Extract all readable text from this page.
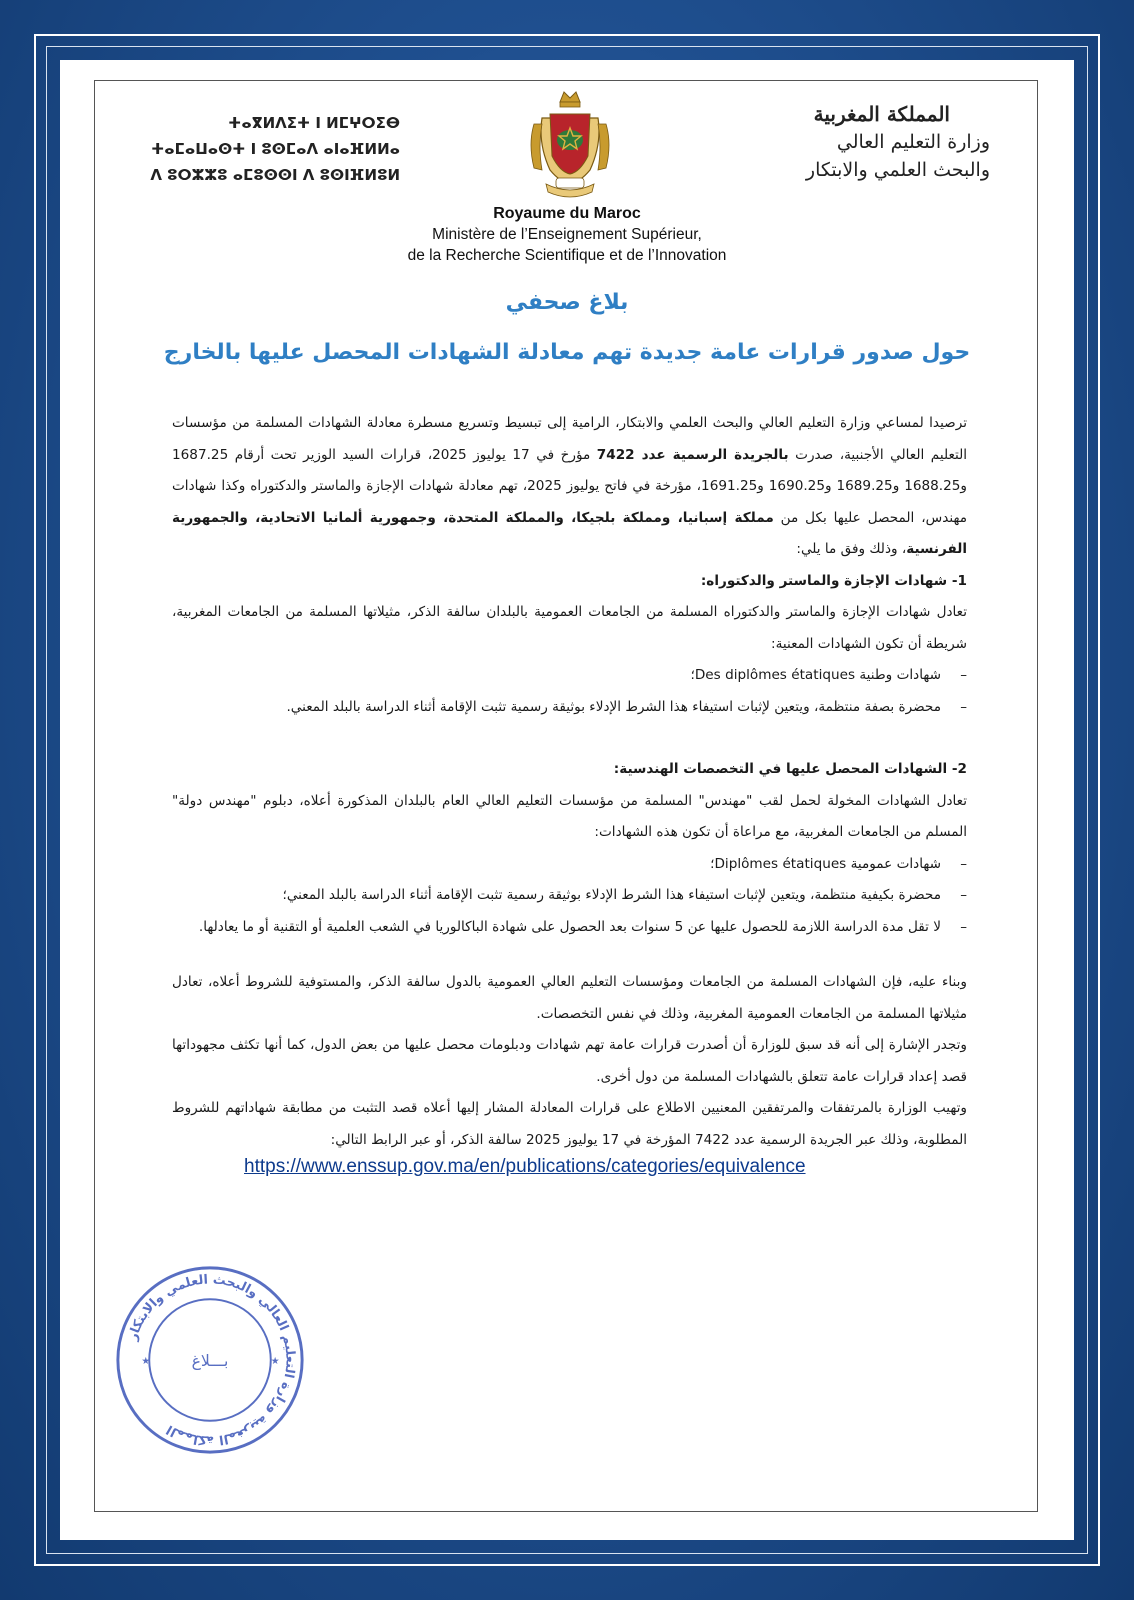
ⵜⴰⴳⵍⴷⵉⵜ ⵏ ⵍⵎⵖⵔⵉⴱ
ⵜⴰⵎⴰⵡⴰⵙⵜ ⵏ ⵓⵙⵎⴰⴷ ⴰⵏⴰⴼⵍⵍⴰ
ⴷ ⵓⵔⵣⵣⵓ ⴰⵎⵓⵙⵙⵏ ⴷ ⵓⵙⵏⴼⵍⵓⵍ
المملكة المغربية
وزارة التعليم العالي
والبحث العلمي والابتكار
Royaume du Maroc
Ministère de l’Enseignement Supérieur,
de la Recherche Scientifique et de l’Innovation
بلاغ صحفي
حول صدور قرارات عامة جديدة تهم معادلة الشهادات المحصل عليها بالخارج

ترصيدا لمساعي وزارة التعليم العالي والبحث العلمي والابتكار، الرامية إلى تبسيط وتسريع مسطرة معادلة الشهادات المسلمة من مؤسسات التعليم العالي الأجنبية، صدرت بالجريدة الرسمية عدد 7422 مؤرخ في 17 يوليوز 2025، قرارات السيد الوزير تحت أرقام 1687.25 و1688.25 و1689.25 و1690.25 و1691.25، مؤرخة في فاتح يوليوز 2025، تهم معادلة شهادات الإجازة والماستر والدكتوراه وكذا شهادات مهندس، المحصل عليها بكل من مملكة إسبانيا، ومملكة بلجيكا، والمملكة المتحدة، وجمهورية ألمانيا الاتحادية، والجمهورية الفرنسية، وذلك وفق ما يلي:

1- شهادات الإجازة والماستر والدكتوراه:

تعادل شهادات الإجازة والماستر والدكتوراه المسلمة من الجامعات العمومية بالبلدان سالفة الذكر، مثيلاتها المسلمة من الجامعات المغربية، شريطة أن تكون الشهادات المعنية:

–
شهادات وطنية Des diplômes étatiques؛

–
محضرة بصفة منتظمة، ويتعين لإثبات استيفاء هذا الشرط الإدلاء بوثيقة رسمية تثبت الإقامة أثناء الدراسة بالبلد المعني.

2- الشهادات المحصل عليها في التخصصات الهندسية:

تعادل الشهادات المخولة لحمل لقب "مهندس" المسلمة من مؤسسات التعليم العالي العام بالبلدان المذكورة أعلاه، دبلوم "مهندس دولة" المسلم من الجامعات المغربية، مع مراعاة أن تكون هذه الشهادات:

–
شهادات عمومية Diplômes étatiques؛

–
محضرة بكيفية منتظمة، ويتعين لإثبات استيفاء هذا الشرط الإدلاء بوثيقة رسمية تثبت الإقامة أثناء الدراسة بالبلد المعني؛

–
لا تقل مدة الدراسة اللازمة للحصول عليها عن 5 سنوات بعد الحصول على شهادة الباكالوريا في الشعب العلمية أو التقنية أو ما يعادلها.

وبناء عليه، فإن الشهادات المسلمة من الجامعات ومؤسسات التعليم العالي العمومية بالدول سالفة الذكر، والمستوفية للشروط أعلاه، تعادل مثيلاتها المسلمة من الجامعات العمومية المغربية، وذلك في نفس التخصصات.

وتجدر الإشارة إلى أنه قد سبق للوزارة أن أصدرت قرارات عامة تهم شهادات ودبلومات محصل عليها من بعض الدول، كما أنها تكثف مجهوداتها قصد إعداد قرارات عامة تتعلق بالشهادات المسلمة من دول أخرى.

وتهيب الوزارة بالمرتفقات والمرتفقين المعنيين الاطلاع على قرارات المعادلة المشار إليها أعلاه قصد التثبت من مطابقة شهاداتهم للشروط المطلوبة، وذلك عبر الجريدة الرسمية عدد 7422 المؤرخة في 17 يوليوز 2025 سالفة الذكر، أو عبر الرابط التالي:

https://www.enssup.gov.ma/en/publications/categories/equivalence
المملكة المغربية وزارة التعليم العالي والبحث العلمي والابتكار
بـــلاغ
★	★
